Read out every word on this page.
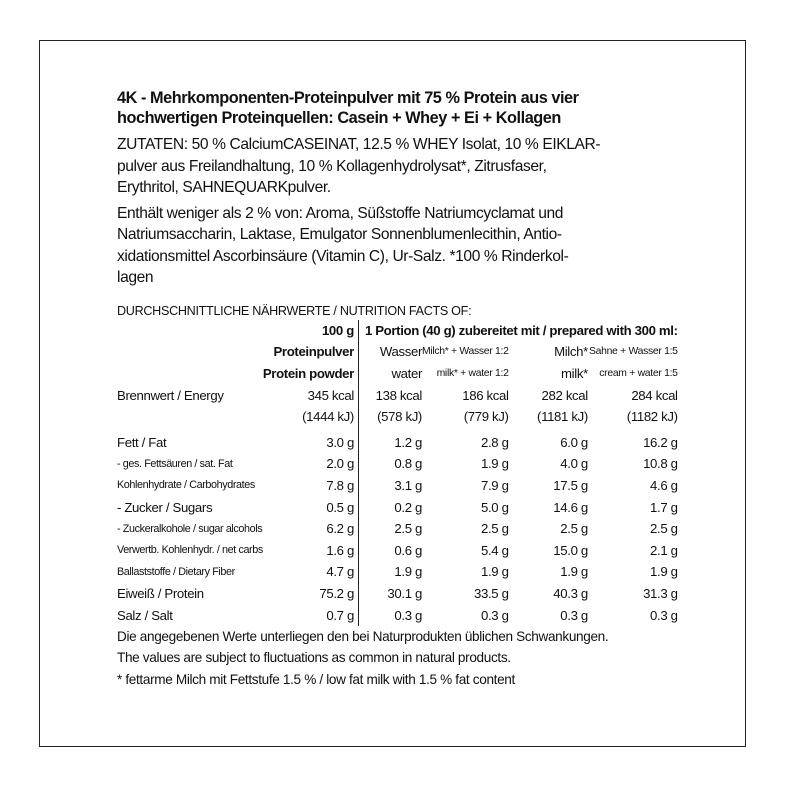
4K - Mehrkomponenten-Proteinpulver mit 75 % Protein aus vier
hochwertigen Proteinquellen: Casein + Whey + Ei + Kollagen

ZUTATEN: 50 % CalciumCASEINAT, 12.5 % WHEY Isolat, 10 % EIKLAR-
pulver aus Freilandhaltung, 10 % Kollagenhydrolysat*, Zitrusfaser,
Erythritol, SAHNEQUARKpulver.

Enthält weniger als 2 % von: Aroma, Süßstoffe Natriumcyclamat und
Natriumsaccharin, Laktase, Emulgator Sonnenblumenlecithin, Antio-
xidationsmittel Ascorbinsäure (Vitamin C), Ur-Salz. *100 % Rinderkol-
lagen

DURCHSCHNITTLICHE NÄHRWERTE / NUTRITION FACTS OF:
	100 g	1 Portion (40 g) zubereitet mit / prepared with 300 ml:			
	Proteinpulver	Wasser	Milch* + Wasser 1:2	Milch*	Sahne + Wasser 1:5
	Protein powder	water	milk* + water 1:2	milk*	cream + water 1:5
Brennwert / Energy	345 kcal	138 kcal	186 kcal	282 kcal	284 kcal
	(1444 kJ)	(578 kJ)	(779 kJ)	(1181 kJ)	(1182 kJ)

Fett / Fat	3.0 g	1.2 g	2.8 g	6.0 g	16.2 g
- ges. Fettsäuren / sat. Fat	2.0 g	0.8 g	1.9 g	4.0 g	10.8 g
Kohlenhydrate / Carbohydrates	7.8 g	3.1 g	7.9 g	17.5 g	4.6 g
- Zucker / Sugars	0.5 g	0.2 g	5.0 g	14.6 g	1.7 g
- Zuckeralkohole / sugar alcohols	6.2 g	2.5 g	2.5 g	2.5 g	2.5 g
Verwertb. Kohlenhydr. / net carbs	1.6 g	0.6 g	5.4 g	15.0 g	2.1 g
Ballaststoffe / Dietary Fiber	4.7 g	1.9 g	1.9 g	1.9 g	1.9 g
Eiweiß / Protein	75.2 g	30.1 g	33.5 g	40.3 g	31.3 g
Salz / Salt	0.7 g	0.3 g	0.3 g	0.3 g	0.3 g

Die angegebenen Werte unterliegen den bei Naturprodukten üblichen Schwankungen.
The values are subject to fluctuations as common in natural products.
* fettarme Milch mit Fettstufe 1.5 % / low fat milk with 1.5 % fat content
